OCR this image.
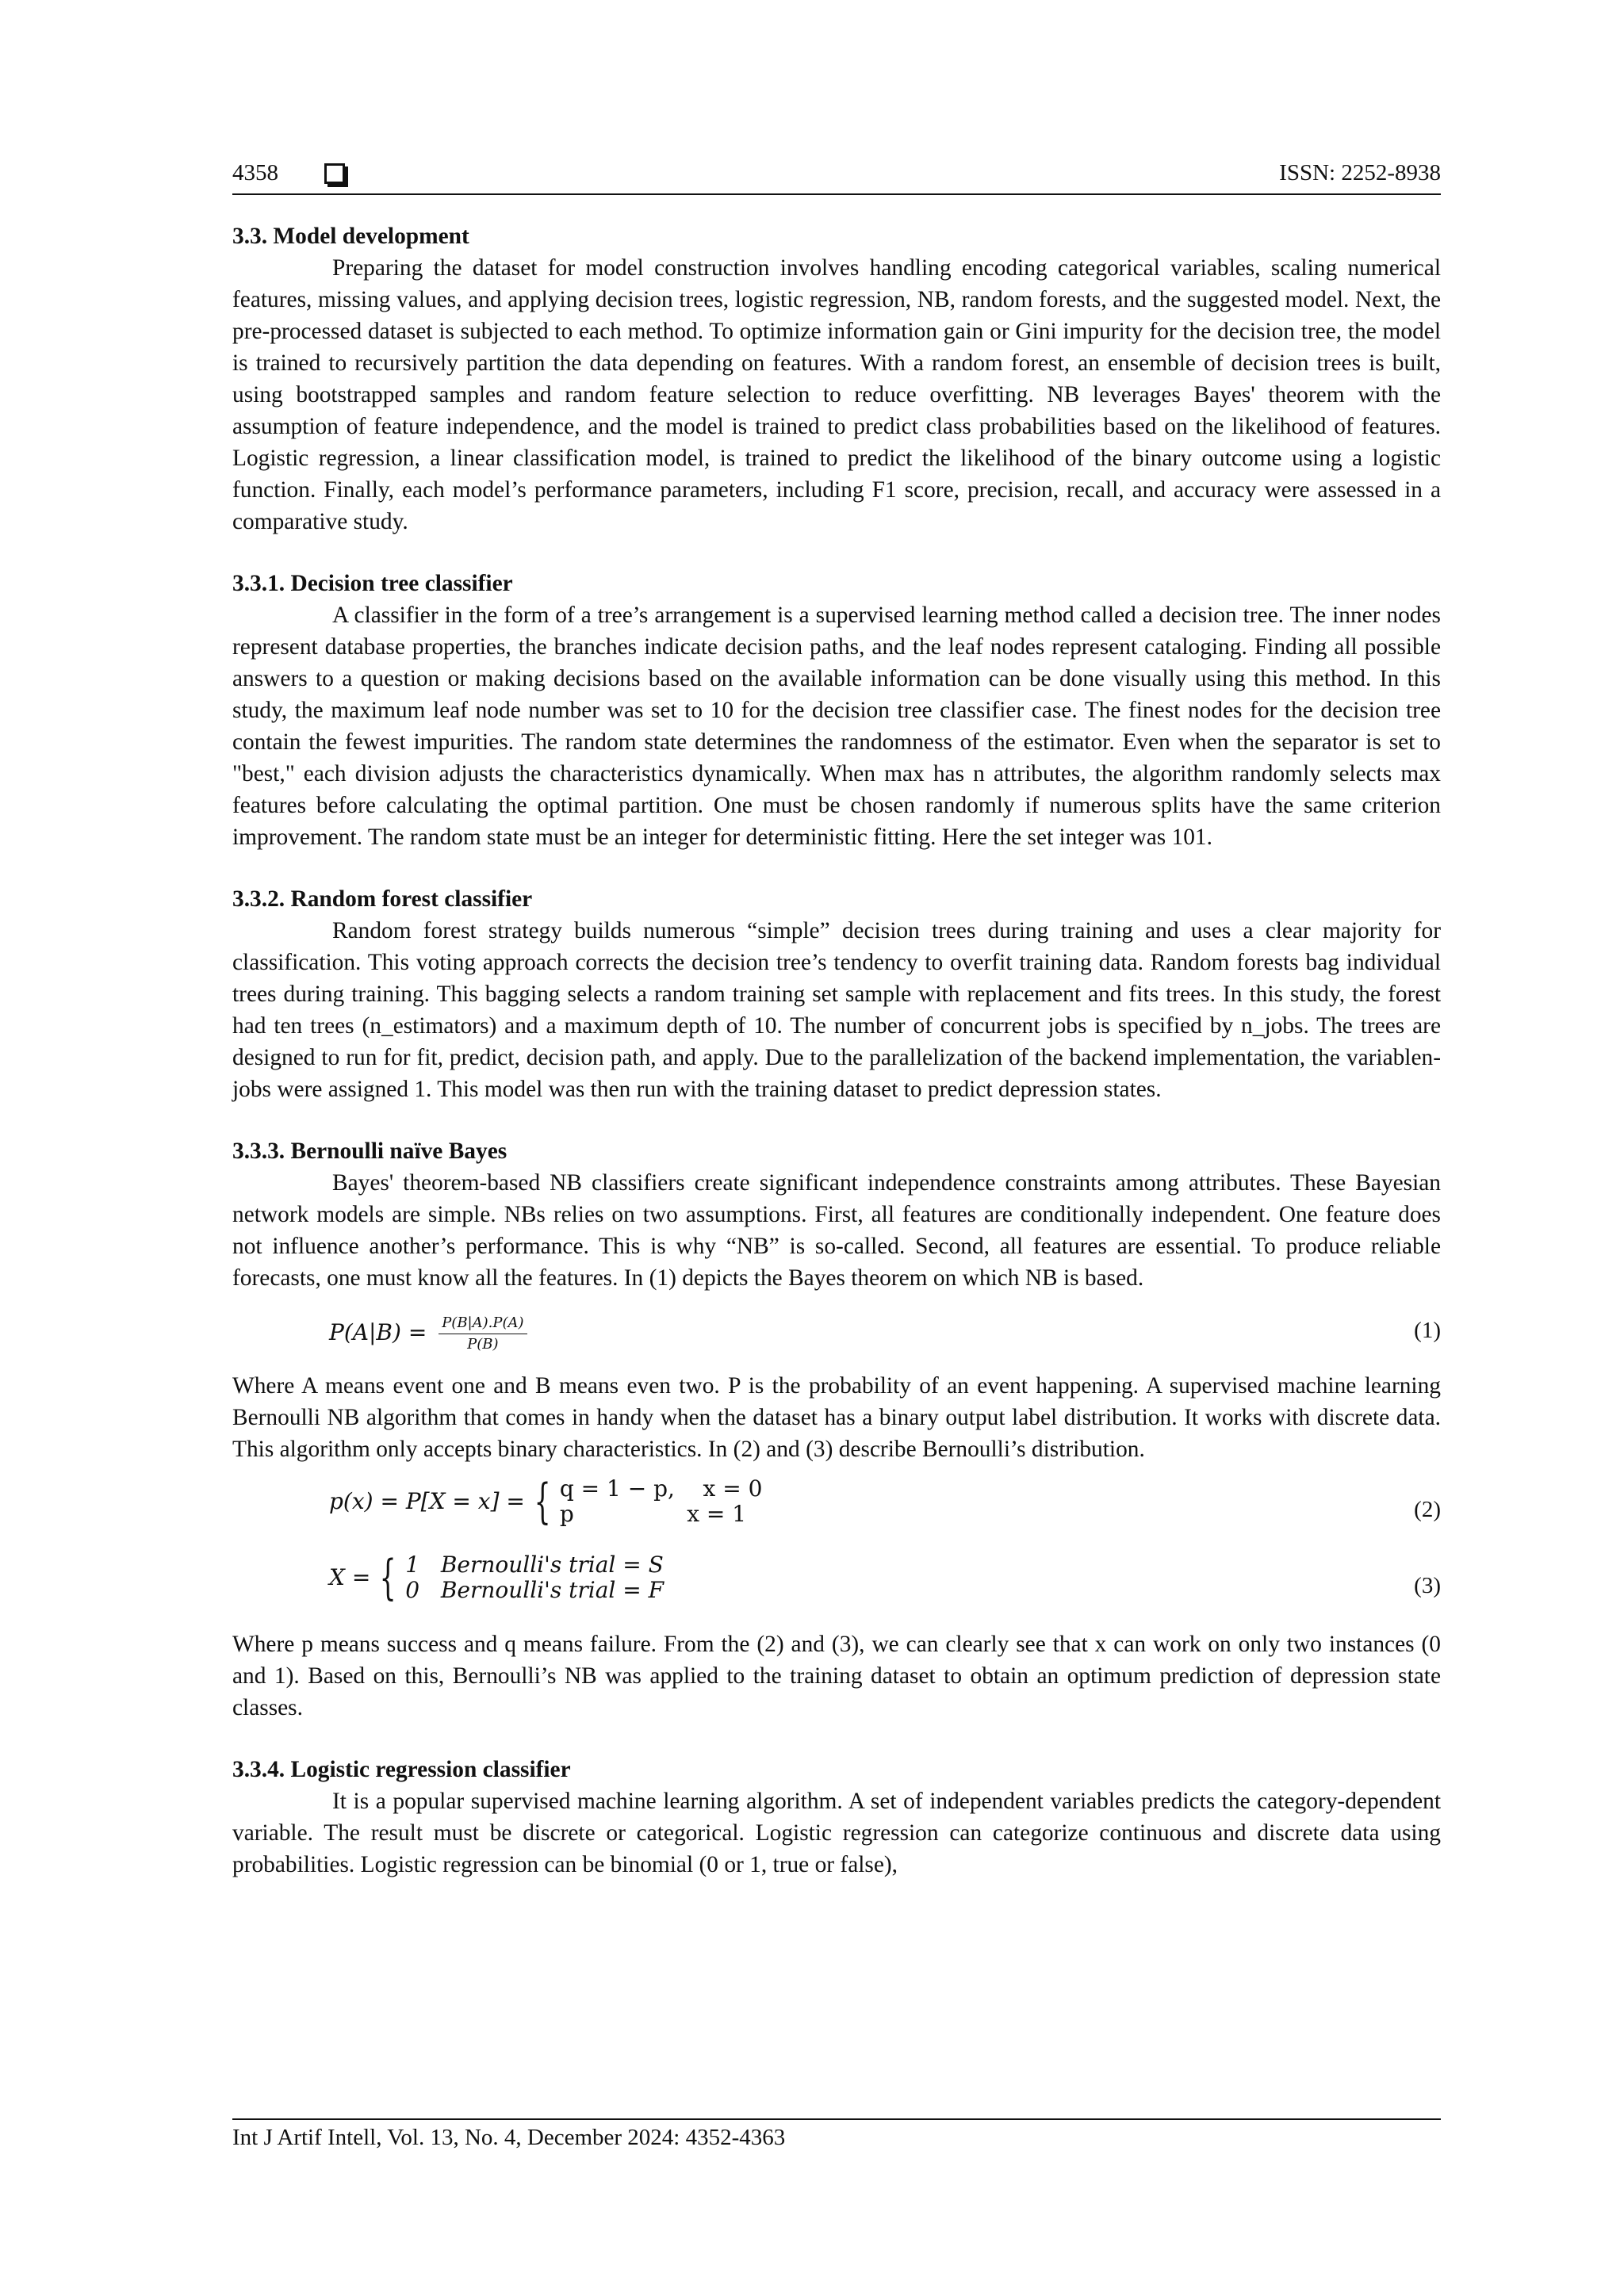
4358	ISSN: 2252-8938

3.3. Model development

Preparing the dataset for model construction involves handling encoding categorical variables, scaling numerical features, missing values, and applying decision trees, logistic regression, NB, random forests, and the suggested model. Next, the pre-processed dataset is subjected to each method. To optimize information gain or Gini impurity for the decision tree, the model is trained to recursively partition the data depending on features. With a random forest, an ensemble of decision trees is built, using bootstrapped samples and random feature selection to reduce overfitting. NB leverages Bayes' theorem with the assumption of feature independence, and the model is trained to predict class probabilities based on the likelihood of features. Logistic regression, a linear classification model, is trained to predict the likelihood of the binary outcome using a logistic function. Finally, each model’s performance parameters, including F1 score, precision, recall, and accuracy were assessed in a comparative study.

3.3.1. Decision tree classifier

A classifier in the form of a tree’s arrangement is a supervised learning method called a decision tree. The inner nodes represent database properties, the branches indicate decision paths, and the leaf nodes represent cataloging. Finding all possible answers to a question or making decisions based on the available information can be done visually using this method. In this study, the maximum leaf node number was set to 10 for the decision tree classifier case. The finest nodes for the decision tree contain the fewest impurities. The random state determines the randomness of the estimator. Even when the separator is set to "best," each division adjusts the characteristics dynamically. When max has n attributes, the algorithm randomly selects max features before calculating the optimal partition. One must be chosen randomly if numerous splits have the same criterion improvement. The random state must be an integer for deterministic fitting. Here the set integer was 101.

3.3.2. Random forest classifier

Random forest strategy builds numerous “simple” decision trees during training and uses a clear majority for classification. This voting approach corrects the decision tree’s tendency to overfit training data. Random forests bag individual trees during training. This bagging selects a random training set sample with replacement and fits trees. In this study, the forest had ten trees (n_estimators) and a maximum depth of 10. The number of concurrent jobs is specified by n_jobs. The trees are designed to run for fit, predict, decision path, and apply. Due to the parallelization of the backend implementation, the variablen-jobs were assigned 1. This model was then run with the training dataset to predict depression states.

3.3.3. Bernoulli naïve Bayes

Bayes' theorem-based NB classifiers create significant independence constraints among attributes. These Bayesian network models are simple. NBs relies on two assumptions. First, all features are conditionally independent. One feature does not influence another’s performance. This is why “NB” is so-called. Second, all features are essential. To produce reliable forecasts, one must know all the features. In (1) depicts the Bayes theorem on which NB is based.

$P(A|B) = \frac{P(B|A).P(A)}{P(B)}$	(1)

Where A means event one and B means even two. P is the probability of an event happening. A supervised machine learning Bernoulli NB algorithm that comes in handy when the dataset has a binary output label distribution. It works with discrete data. This algorithm only accepts binary characteristics. In (2) and (3) describe Bernoulli’s distribution.

p(x) = P[X = x] = { q = 1 − p,    x = 0
p                x = 1	(2)
X = { 1   Bernoulli's trial = S
0   Bernoulli's trial = F	(3)

Where p means success and q means failure. From the (2) and (3), we can clearly see that x can work on only two instances (0 and 1). Based on this, Bernoulli’s NB was applied to the training dataset to obtain an optimum prediction of depression state classes.

3.3.4. Logistic regression classifier

It is a popular supervised machine learning algorithm. A set of independent variables predicts the category-dependent variable. The result must be discrete or categorical. Logistic regression can categorize continuous and discrete data using probabilities. Logistic regression can be binomial (0 or 1, true or false),

Int J Artif Intell, Vol. 13, No. 4, December 2024: 4352-4363
